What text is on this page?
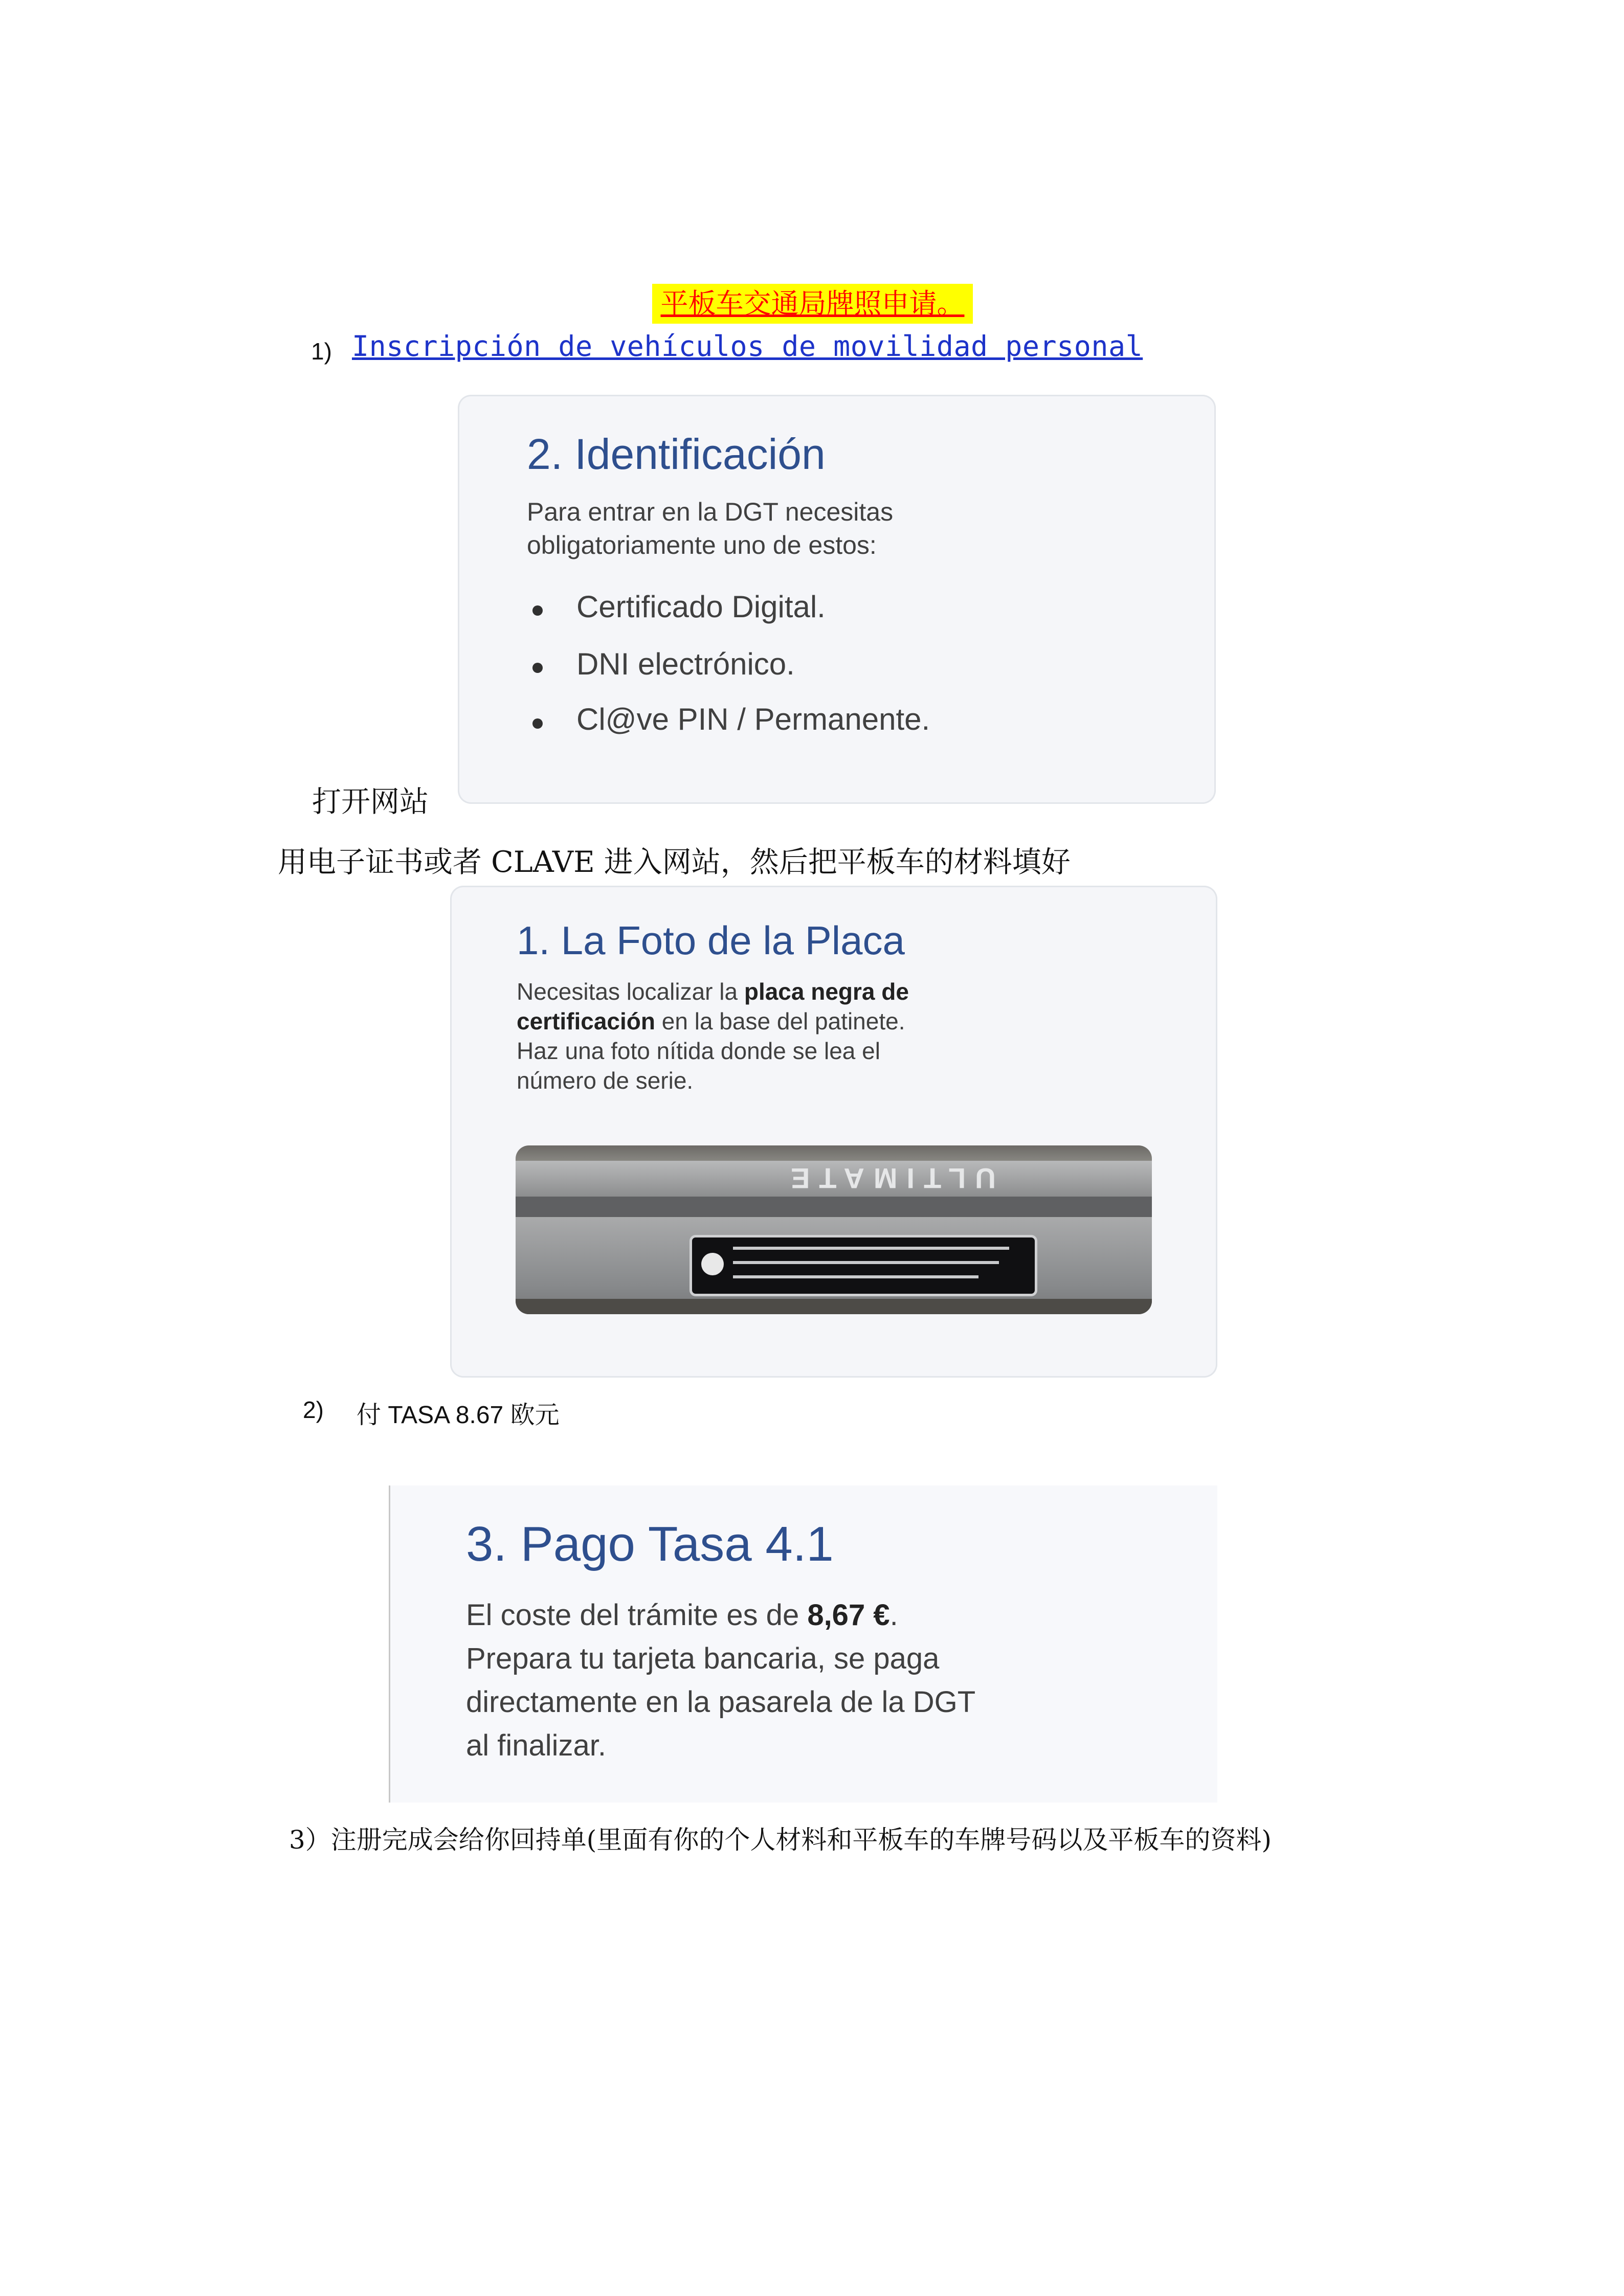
平板车交通局牌照申请。
1) Inscripción de vehículos de movilidad personal
2. Identificación
Para entrar en la DGT necesitas
obligatoriamente uno de estos:
Certificado Digital.
DNI electrónico.
Cl@ve PIN / Permanente.
打开网站
用电子证书或者 CLAVE 进入网站，然后把平板车的材料填好
1. La Foto de la Placa
Necesitas localizar la placa negra de
certificación en la base del patinete.
Haz una foto nítida donde se lea el
número de serie.
ULTIMATE
2) 付 TASA 8.67 欧元
3. Pago Tasa 4.1
El coste del trámite es de 8,67 €.
Prepara tu tarjeta bancaria, se paga
directamente en la pasarela de la DGT
al finalizar.
3）注册完成会给你回持单(里面有你的个人材料和平板车的车牌号码以及平板车的资料)
